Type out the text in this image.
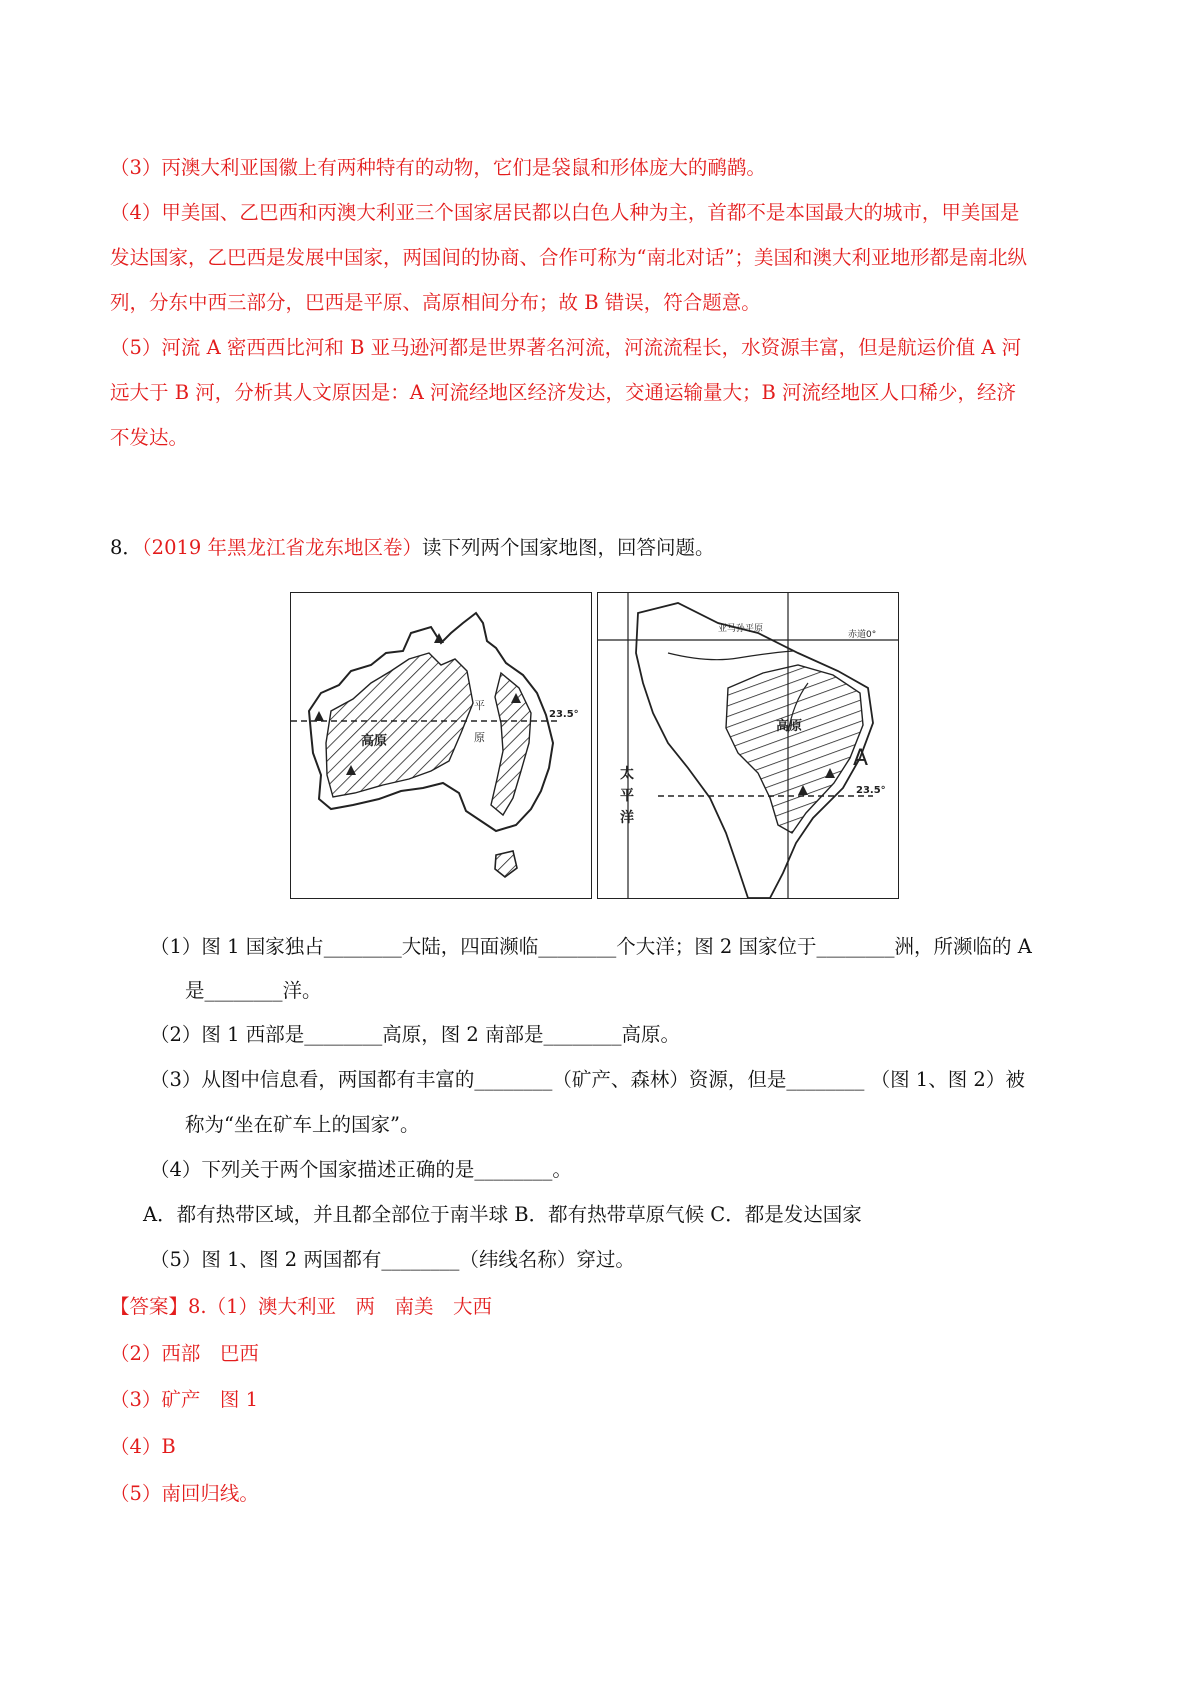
（3）丙澳大利亚国徽上有两种特有的动物，它们是袋鼠和形体庞大的鸸鹋。
（4）甲美国、乙巴西和丙澳大利亚三个国家居民都以白色人种为主，首都不是本国最大的城市，甲美国是
发达国家，乙巴西是发展中国家，两国间的协商、合作可称为“南北对话”；美国和澳大利亚地形都是南北纵
列，分东中西三部分，巴西是平原、高原相间分布；故 B 错误，符合题意。
（5）河流 A 密西西比河和 B 亚马逊河都是世界著名河流，河流流程长，水资源丰富，但是航运价值 A 河
远大于 B 河，分析其人文原因是：A 河流经地区经济发达，交通运输量大；B 河流经地区人口稀少，经济
不发达。
8．（2019 年黑龙江省龙东地区卷）读下列两个国家地图，回答问题。
23.5°
高原
平
原
赤道0°
亚马孙平原
高原
23.5°
A
太
平
洋
（1）图 1 国家独占________大陆，四面濒临________个大洋；图 2 国家位于________洲，所濒临的 A
是________洋。
（2）图 1 西部是________高原，图 2 南部是________高原。
（3）从图中信息看，两国都有丰富的________（矿产、森林）资源，但是________ （图 1、图 2）被
称为“坐在矿车上的国家”。
（4）下列关于两个国家描述正确的是________。
A．都有热带区域，并且都全部位于南半球 B．都有热带草原气候 C．都是发达国家
（5）图 1、图 2 两国都有________（纬线名称）穿过。
【答案】8.（1）澳大利亚　两　南美　大西
（2）西部　巴西
（3）矿产　图 1
（4）B
（5）南回归线。
